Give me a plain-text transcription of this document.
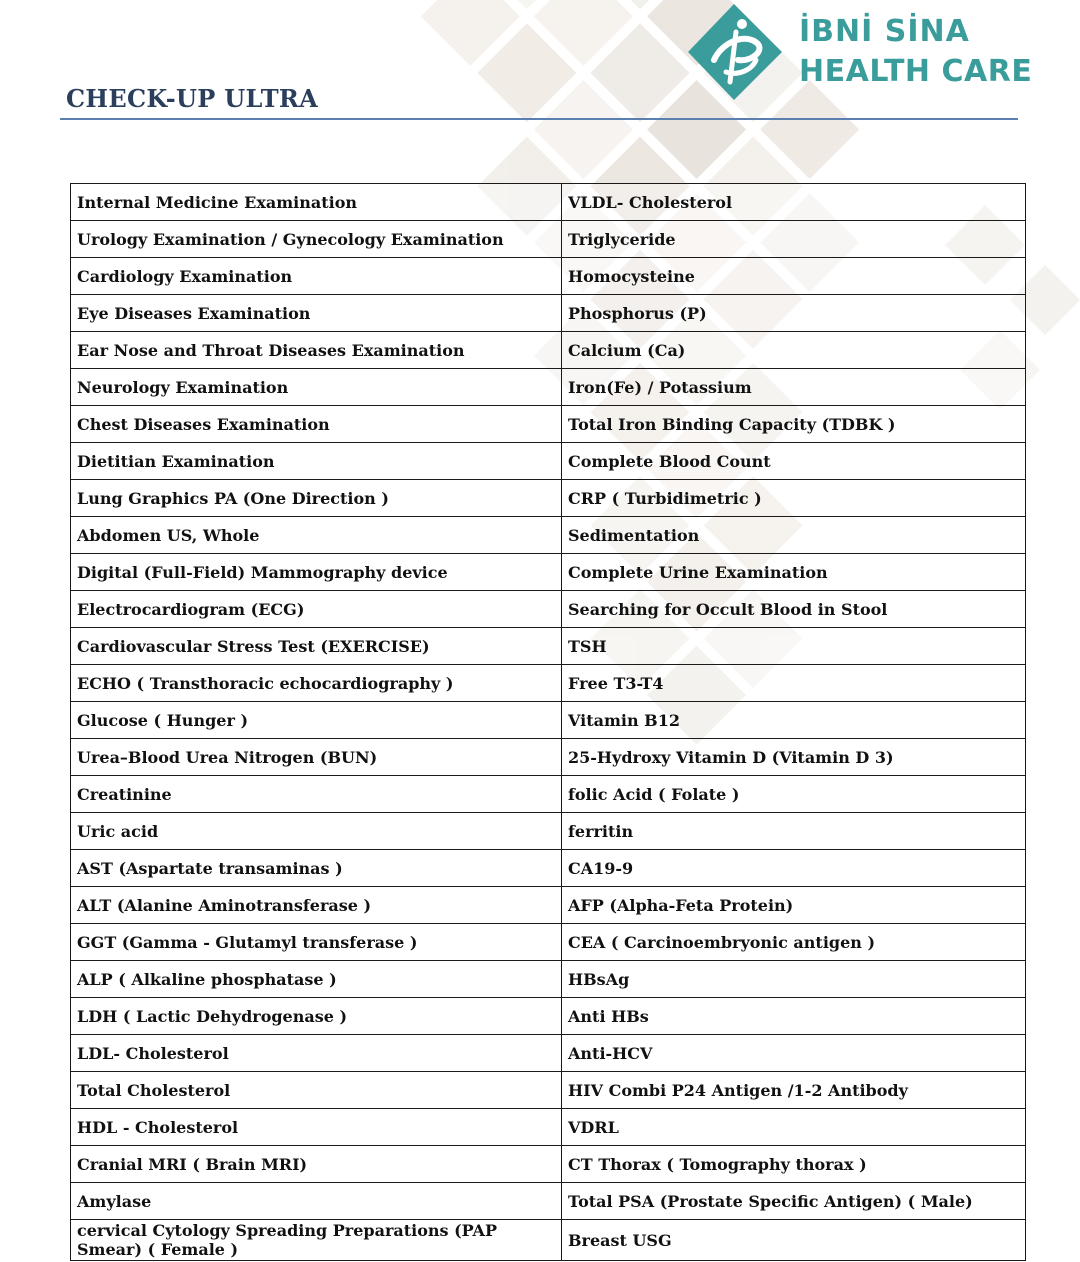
İBNİ SİNA
HEALTH CARE
CHECK-UP ULTRA
Internal Medicine Examination	VLDL- Cholesterol
Urology Examination / Gynecology Examination	Triglyceride
Cardiology Examination	Homocysteine
Eye Diseases Examination	Phosphorus (P)
Ear Nose and Throat Diseases Examination	Calcium (Ca)
Neurology Examination	Iron(Fe) / Potassium
Chest Diseases Examination	Total Iron Binding Capacity (TDBK )
Dietitian Examination	Complete Blood Count
Lung Graphics PA (One Direction )	CRP ( Turbidimetric )
Abdomen US, Whole	Sedimentation
Digital (Full-Field) Mammography device	Complete Urine Examination
Electrocardiogram (ECG)	Searching for Occult Blood in Stool
Cardiovascular Stress Test (EXERCISE)	TSH
ECHO ( Transthoracic echocardiography )	Free T3-T4
Glucose ( Hunger )	Vitamin B12
Urea–Blood Urea Nitrogen (BUN)	25-Hydroxy Vitamin D (Vitamin D 3)
Creatinine	folic Acid ( Folate )
Uric acid	ferritin
AST (Aspartate transaminas )	CA19-9
ALT (Alanine Aminotransferase )	AFP (Alpha-Feta Protein)
GGT (Gamma - Glutamyl transferase )	CEA ( Carcinoembryonic antigen )
ALP ( Alkaline phosphatase )	HBsAg
LDH ( Lactic Dehydrogenase )	Anti HBs
LDL- Cholesterol	Anti-HCV
Total Cholesterol	HIV Combi P24 Antigen /1-2 Antibody
HDL - Cholesterol	VDRL
Cranial MRI ( Brain MRI)	CT Thorax ( Tomography thorax )
Amylase	Total PSA (Prostate Specific Antigen) ( Male)
cervical Cytology Spreading Preparations (PAP Smear) ( Female )	Breast USG
